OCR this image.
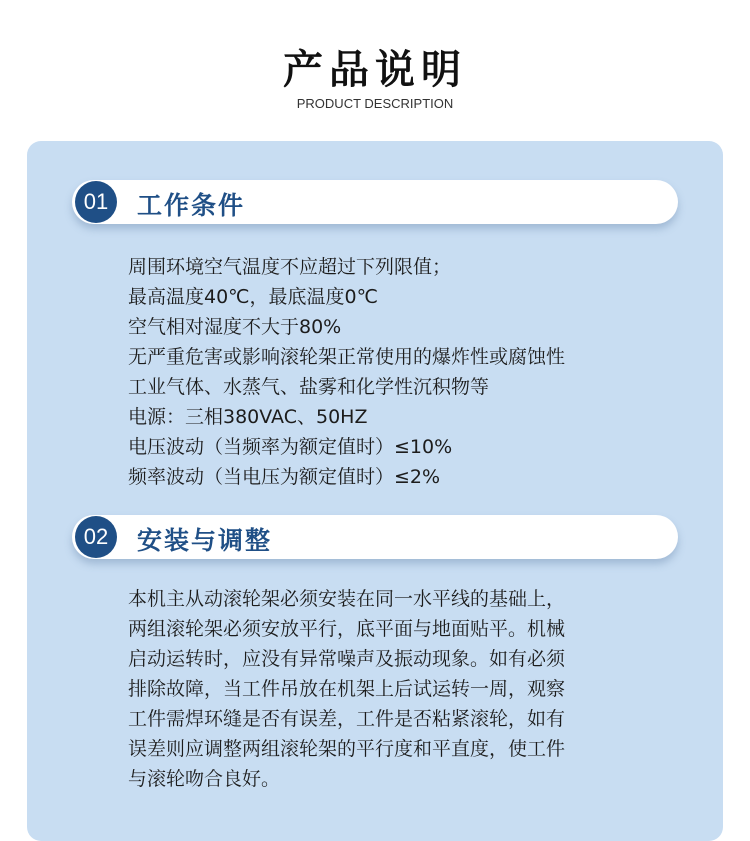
产品说明
PRODUCT DESCRIPTION
01	工作条件
周围环境空气温度不应超过下列限值；
最高温度40℃，最底温度0℃
空气相对湿度不大于80%
无严重危害或影响滚轮架正常使用的爆炸性或腐蚀性
工业气体、水蒸气、盐雾和化学性沉积物等
电源：三相380VAC、50HZ
电压波动（当频率为额定值时）≤10%
频率波动（当电压为额定值时）≤2%
02	安装与调整
本机主从动滚轮架必须安装在同一水平线的基础上，
两组滚轮架必须安放平行，底平面与地面贴平。机械
启动运转时，应没有异常噪声及振动现象。如有必须
排除故障，当工件吊放在机架上后试运转一周，观察
工件需焊环缝是否有误差，工件是否粘紧滚轮，如有
误差则应调整两组滚轮架的平行度和平直度，使工件
与滚轮吻合良好。
